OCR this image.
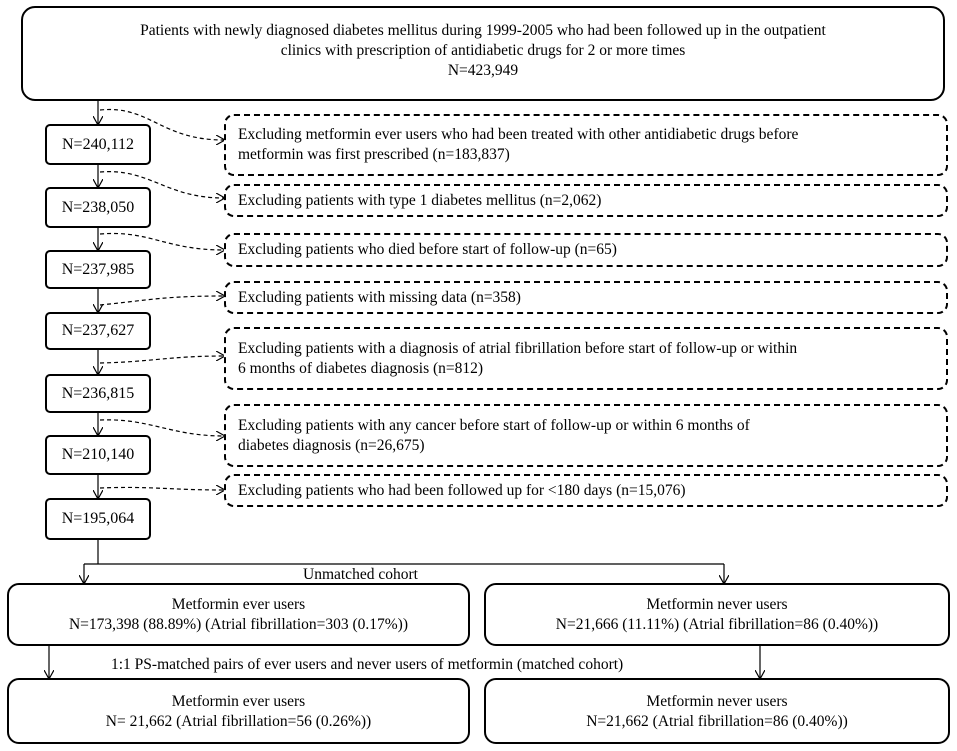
Patients with newly diagnosed diabetes mellitus during 1999-2005 who had been followed up in the outpatient
clinics with prescription of antidiabetic drugs for 2 or more times
N=423,949
N=240,112
N=238,050
N=237,985
N=237,627
N=236,815
N=210,140
N=195,064
Excluding metformin ever users who had been treated with other antidiabetic drugs before
metformin was first prescribed (n=183,837)
Excluding patients with type 1 diabetes mellitus (n=2,062)
Excluding patients who died before start of follow-up (n=65)
Excluding patients with missing data (n=358)
Excluding patients with a diagnosis of atrial fibrillation before start of follow-up or within
6 months of diabetes diagnosis (n=812)
Excluding patients with any cancer before start of follow-up or within 6 months of
diabetes diagnosis (n=26,675)
Excluding patients who had been followed up for <180 days (n=15,076)
Unmatched cohort
Metformin ever users
N=173,398 (88.89%) (Atrial fibrillation=303 (0.17%))
Metformin never users
N=21,666 (11.11%) (Atrial fibrillation=86 (0.40%))
1:1 PS-matched pairs of ever users and never users of metformin (matched cohort)
Metformin ever users
N= 21,662 (Atrial fibrillation=56 (0.26%))
Metformin never users
N=21,662 (Atrial fibrillation=86 (0.40%))
